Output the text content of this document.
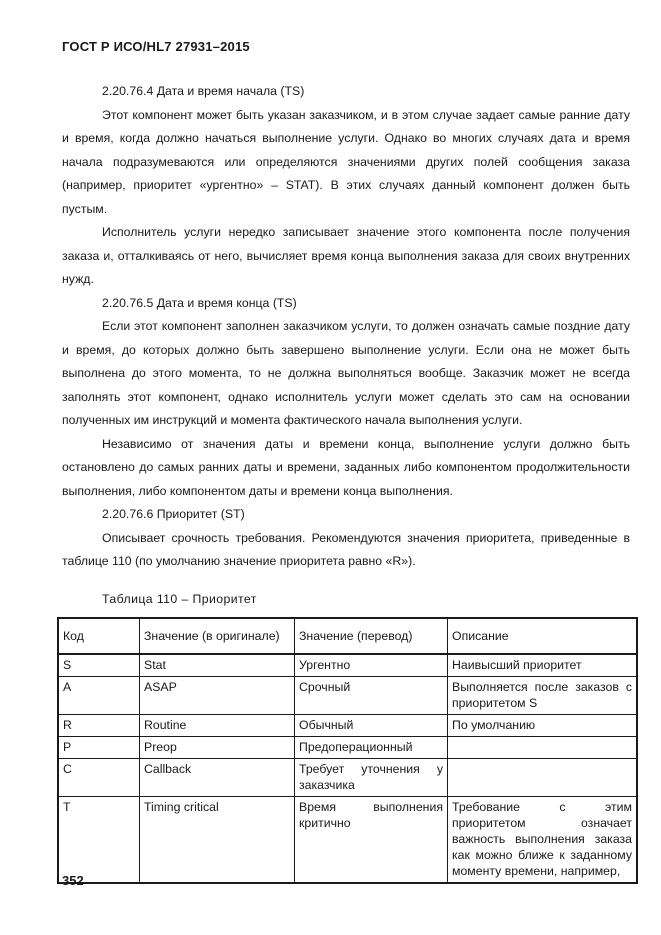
ГОСТ Р ИСО/HL7 27931–2015

2.20.76.4 Дата и время начала (TS)

Этот компонент может быть указан заказчиком, и в этом случае задает самые ранние дату и время, когда должно начаться выполнение услуги. Однако во многих случаях дата и время начала подразумеваются или определяются значениями других полей сообщения заказа (например, приоритет «ургентно» – STAT). В этих случаях данный компонент должен быть пустым.

Исполнитель услуги нередко записывает значение этого компонента после получения заказа и, отталкиваясь от него, вычисляет время конца выполнения заказа для своих внутренних нужд.

2.20.76.5 Дата и время конца (TS)

Если этот компонент заполнен заказчиком услуги, то должен означать самые поздние дату и время, до которых должно быть завершено выполнение услуги. Если она не может быть выполнена до этого момента, то не должна выполняться вообще. Заказчик может не всегда заполнять этот компонент, однако исполнитель услуги может сделать это сам на основании полученных им инструкций и момента фактического начала выполнения услуги.

Независимо от значения даты и времени конца, выполнение услуги должно быть остановлено до самых ранних даты и времени, заданных либо компонентом продолжительности выполнения, либо компонентом даты и времени конца выполнения.

2.20.76.6 Приоритет (ST)

Описывает срочность требования. Рекомендуются значения приоритета, приведенные в таблице 110 (по умолчанию значение приоритета равно «R»).

Таблица 110 – Приоритет
Код	Значение (в оригинале)	Значение (перевод)	Описание
S	Stat	Ургентно	Наивысший приоритет
A	ASAP	Срочный	Выполняется после заказов с приоритетом S
R	Routine	Обычный	По умолчанию
P	Preop	Предоперационный	
C	Callback	Требует уточнения у заказчика	
T	Timing critical	Время выполнения критично	Требование с этим приоритетом означает важность выполнения заказа как можно ближе к заданному моменту времени, например,
352
